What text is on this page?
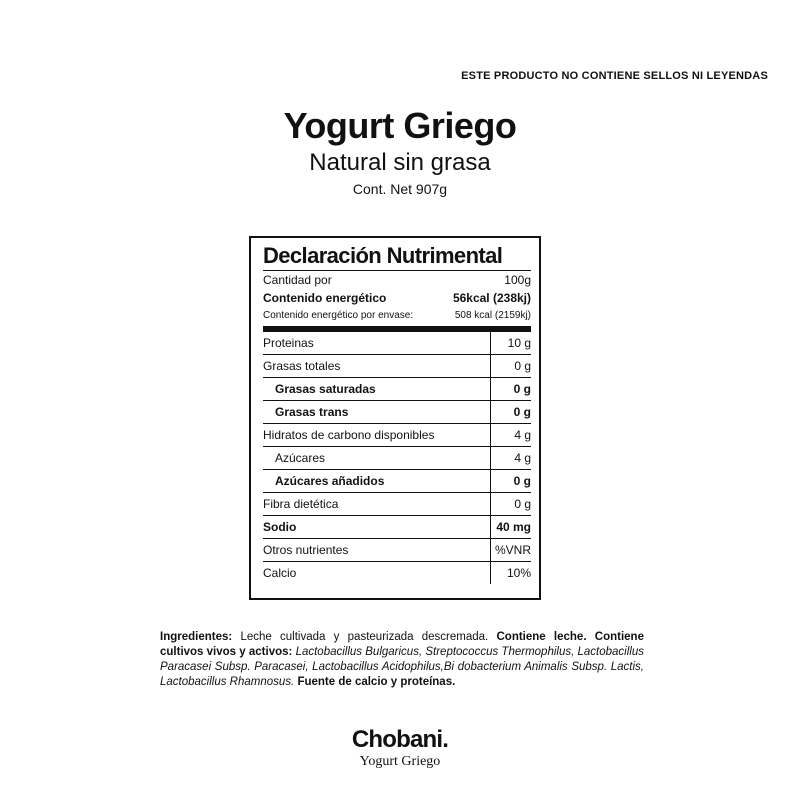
ESTE PRODUCTO NO CONTIENE SELLOS NI LEYENDAS
Yogurt Griego
Natural sin grasa
Cont. Net 907g
Declaración Nutrimental
Cantidad por	100g
Contenido energético	56kcal (238kj)
Contenido energético por envase:	508 kcal (2159kj)
Proteinas	10 g
Grasas totales	0 g
Grasas saturadas	0 g
Grasas trans	0 g
Hidratos de carbono disponibles	4 g
Azúcares	4 g
Azúcares añadidos	0 g
Fibra dietética	0 g
Sodio	40 mg
Otros nutrientes	%VNR
Calcio	10%
Ingredientes: Leche cultivada y pasteurizada descremada. Contiene leche. Contiene cultivos vivos y activos: Lactobacillus Bulgaricus, Streptococcus Thermophilus, Lactobacillus Paracasei Subsp. Paracasei, Lactobacillus Acidophilus,Bi dobacterium Animalis Subsp. Lactis, Lactobacillus Rhamnosus. Fuente de calcio y proteínas.
Chobani.
Yogurt Griego
